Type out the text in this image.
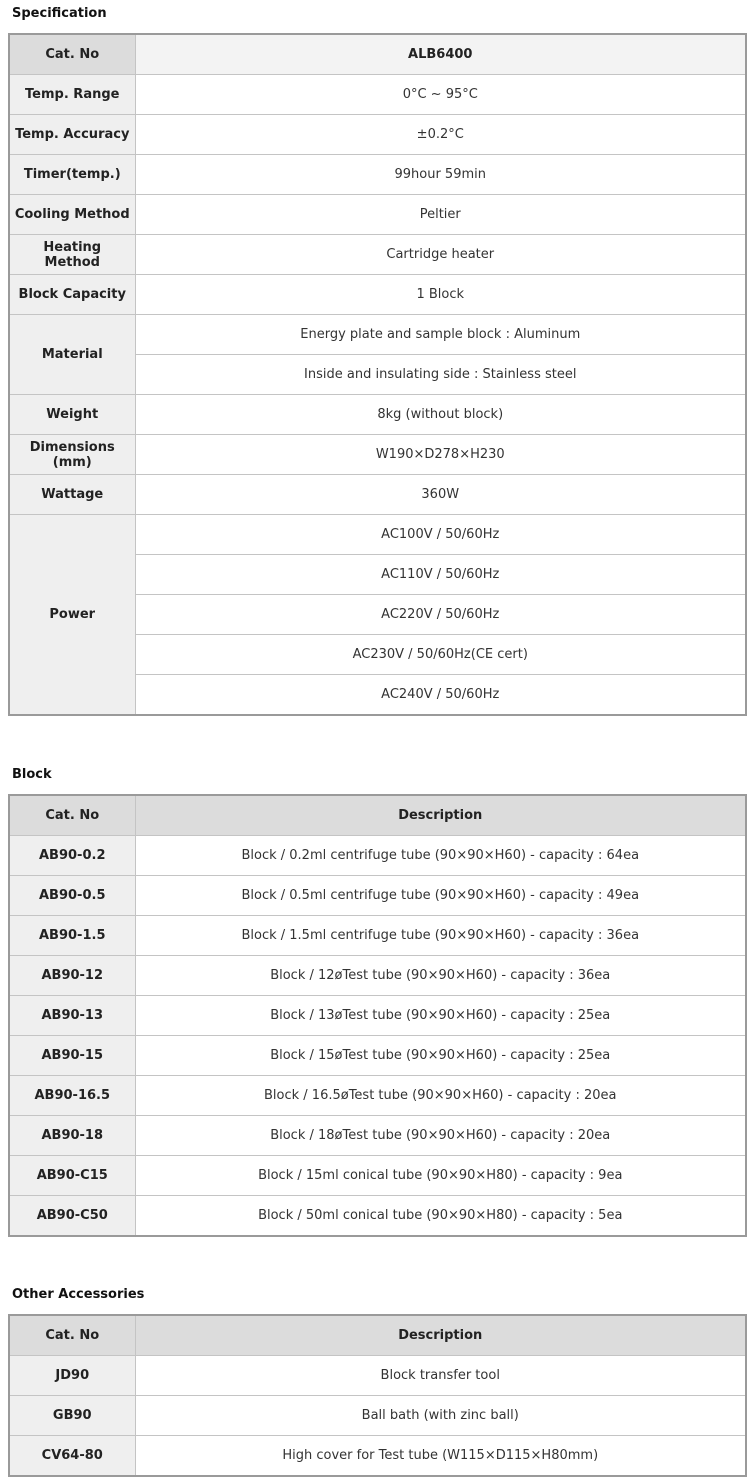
Specification
Cat. No	ALB6400
Temp. Range	0°C ~ 95°C
Temp. Accuracy	±0.2°C
Timer(temp.)	99hour 59min
Cooling Method	Peltier
Heating Method	Cartridge heater
Block Capacity	1 Block
Material	Energy plate and sample block : Aluminum
	Inside and insulating side : Stainless steel
Weight	8kg (without block)
Dimensions (mm)	W190×D278×H230
Wattage	360W
Power	AC100V / 50/60Hz
	AC110V / 50/60Hz
	AC220V / 50/60Hz
	AC230V / 50/60Hz(CE cert)
	AC240V / 50/60Hz
Block
Cat. No	Description
AB90-0.2	Block / 0.2ml centrifuge tube (90×90×H60) - capacity : 64ea
AB90-0.5	Block / 0.5ml centrifuge tube (90×90×H60) - capacity : 49ea
AB90-1.5	Block / 1.5ml centrifuge tube (90×90×H60) - capacity : 36ea
AB90-12	Block / 12øTest tube (90×90×H60) - capacity : 36ea
AB90-13	Block / 13øTest tube (90×90×H60) - capacity : 25ea
AB90-15	Block / 15øTest tube (90×90×H60) - capacity : 25ea
AB90-16.5	Block / 16.5øTest tube (90×90×H60) - capacity : 20ea
AB90-18	Block / 18øTest tube (90×90×H60) - capacity : 20ea
AB90-C15	Block / 15ml conical tube (90×90×H80) - capacity : 9ea
AB90-C50	Block / 50ml conical tube (90×90×H80) - capacity : 5ea
Other Accessories
Cat. No	Description
JD90	Block transfer tool
GB90	Ball bath (with zinc ball)
CV64-80	High cover for Test tube (W115×D115×H80mm)
